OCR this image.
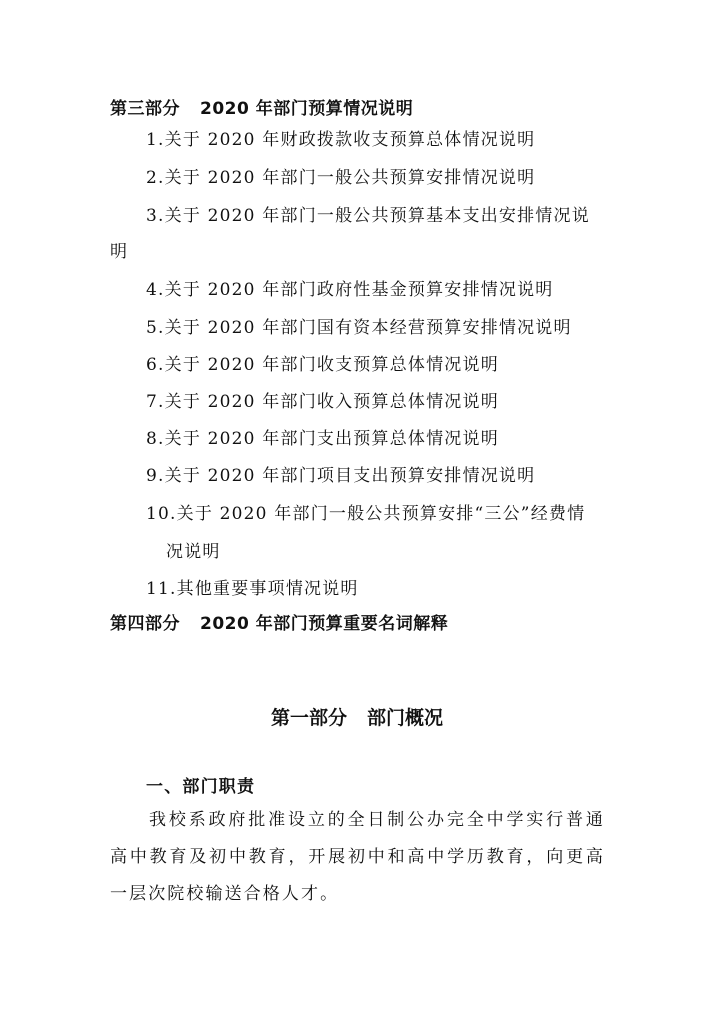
第三部分 2020 年部门预算情况说明
1.关于 2020 年财政拨款收支预算总体情况说明
2.关于 2020 年部门一般公共预算安排情况说明
3.关于 2020 年部门一般公共预算基本支出安排情况说
明
4.关于 2020 年部门政府性基金预算安排情况说明
5.关于 2020 年部门国有资本经营预算安排情况说明
6.关于 2020 年部门收支预算总体情况说明
7.关于 2020 年部门收入预算总体情况说明
8.关于 2020 年部门支出预算总体情况说明
9.关于 2020 年部门项目支出预算安排情况说明
10.关于 2020 年部门一般公共预算安排“三公”经费情
况说明
11.其他重要事项情况说明
第四部分 2020 年部门预算重要名词解释
第一部分 部门概况
一、部门职责
我校系政府批准设立的全日制公办完全中学实行普通高中教育及初中教育，开展初中和高中学历教育，向更高一层次院校输送合格人才。
